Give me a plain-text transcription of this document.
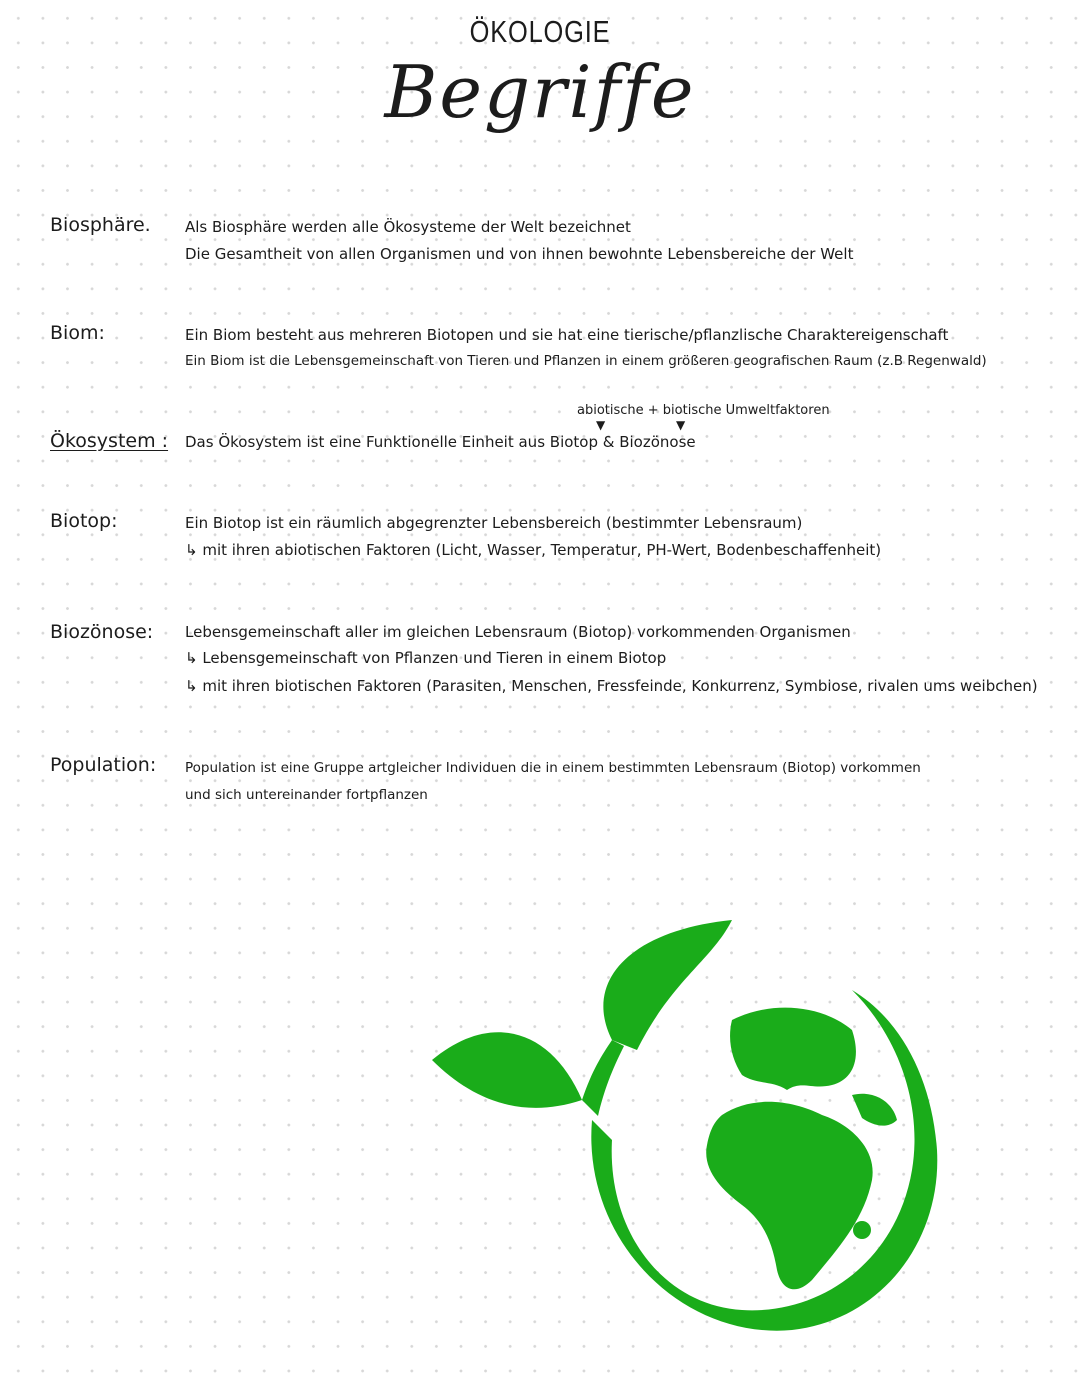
ÖKOLOGIE
Begriffe
Biosphäre. Als Biosphäre werden alle Ökosysteme der Welt bezeichnet
Die Gesamtheit von allen Organismen und von ihnen bewohnte Lebensbereiche der Welt
Biom:	Ein Biom besteht aus mehreren Biotopen und sie hat eine tierische/pflanzlische Charaktereigenschaft
Ein Biom ist die Lebensgemeinschaft von Tieren und Pflanzen in einem größeren geografischen Raum (z.B Regenwald)
abiotische + biotische Umweltfaktoren
▼	▼
Ökosystem : Das Ökosystem ist eine Funktionelle Einheit aus Biotop & Biozönose
Biotop:	Ein Biotop ist ein räumlich abgegrenzter Lebensbereich (bestimmter Lebensraum)
↳ mit ihren abiotischen Faktoren (Licht, Wasser, Temperatur, PH-Wert, Bodenbeschaffenheit)
Biozönose: Lebensgemeinschaft aller im gleichen Lebensraum (Biotop) vorkommenden Organismen
↳ Lebensgemeinschaft von Pflanzen und Tieren in einem Biotop
↳ mit ihren biotischen Faktoren (Parasiten, Menschen, Fressfeinde, Konkurrenz, Symbiose, rivalen ums weibchen)
Population: Population ist eine Gruppe artgleicher Individuen die in einem bestimmten Lebensraum (Biotop) vorkommen
und sich untereinander fortpflanzen
